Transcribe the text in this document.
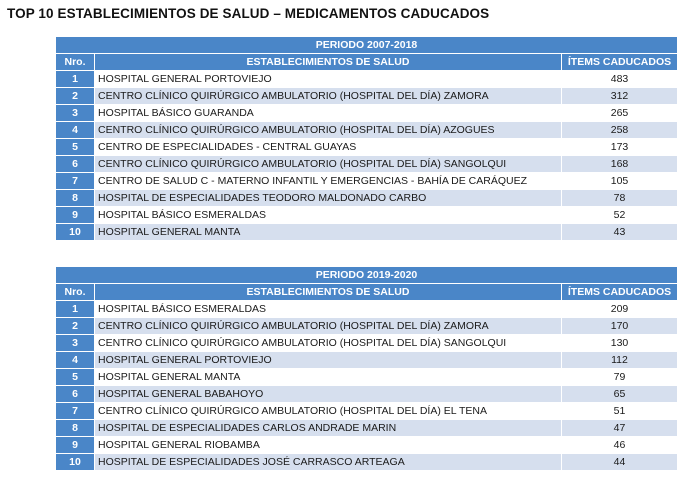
TOP 10 ESTABLECIMIENTOS DE SALUD – MEDICAMENTOS CADUCADOS
PERIODO 2007-2018		
Nro.	ESTABLECIMIENTOS DE SALUD	ÍTEMS CADUCADOS
1	HOSPITAL GENERAL PORTOVIEJO	483
2	CENTRO CLÍNICO QUIRÚRGICO AMBULATORIO (HOSPITAL DEL DÍA) ZAMORA	312
3	HOSPITAL BÁSICO GUARANDA	265
4	CENTRO CLÍNICO QUIRÚRGICO AMBULATORIO (HOSPITAL DEL DÍA) AZOGUES	258
5	CENTRO DE ESPECIALIDADES - CENTRAL GUAYAS	173
6	CENTRO CLÍNICO QUIRÚRGICO AMBULATORIO (HOSPITAL DEL DÍA) SANGOLQUI	168
7	CENTRO DE SALUD C - MATERNO INFANTIL Y EMERGENCIAS - BAHÍA DE CARÁQUEZ	105
8	HOSPITAL DE ESPECIALIDADES TEODORO MALDONADO CARBO	78
9	HOSPITAL BÁSICO ESMERALDAS	52
10	HOSPITAL GENERAL MANTA	43
PERIODO 2019-2020		
Nro.	ESTABLECIMIENTOS DE SALUD	ÍTEMS CADUCADOS
1	HOSPITAL BÁSICO ESMERALDAS	209
2	CENTRO CLÍNICO QUIRÚRGICO AMBULATORIO (HOSPITAL DEL DÍA) ZAMORA	170
3	CENTRO CLÍNICO QUIRÚRGICO AMBULATORIO (HOSPITAL DEL DÍA) SANGOLQUI	130
4	HOSPITAL GENERAL PORTOVIEJO	112
5	HOSPITAL GENERAL MANTA	79
6	HOSPITAL GENERAL BABAHOYO	65
7	CENTRO CLÍNICO QUIRÚRGICO AMBULATORIO (HOSPITAL DEL DÍA) EL TENA	51
8	HOSPITAL DE ESPECIALIDADES CARLOS ANDRADE MARIN	47
9	HOSPITAL GENERAL RIOBAMBA	46
10	HOSPITAL DE ESPECIALIDADES JOSÉ CARRASCO ARTEAGA	44
